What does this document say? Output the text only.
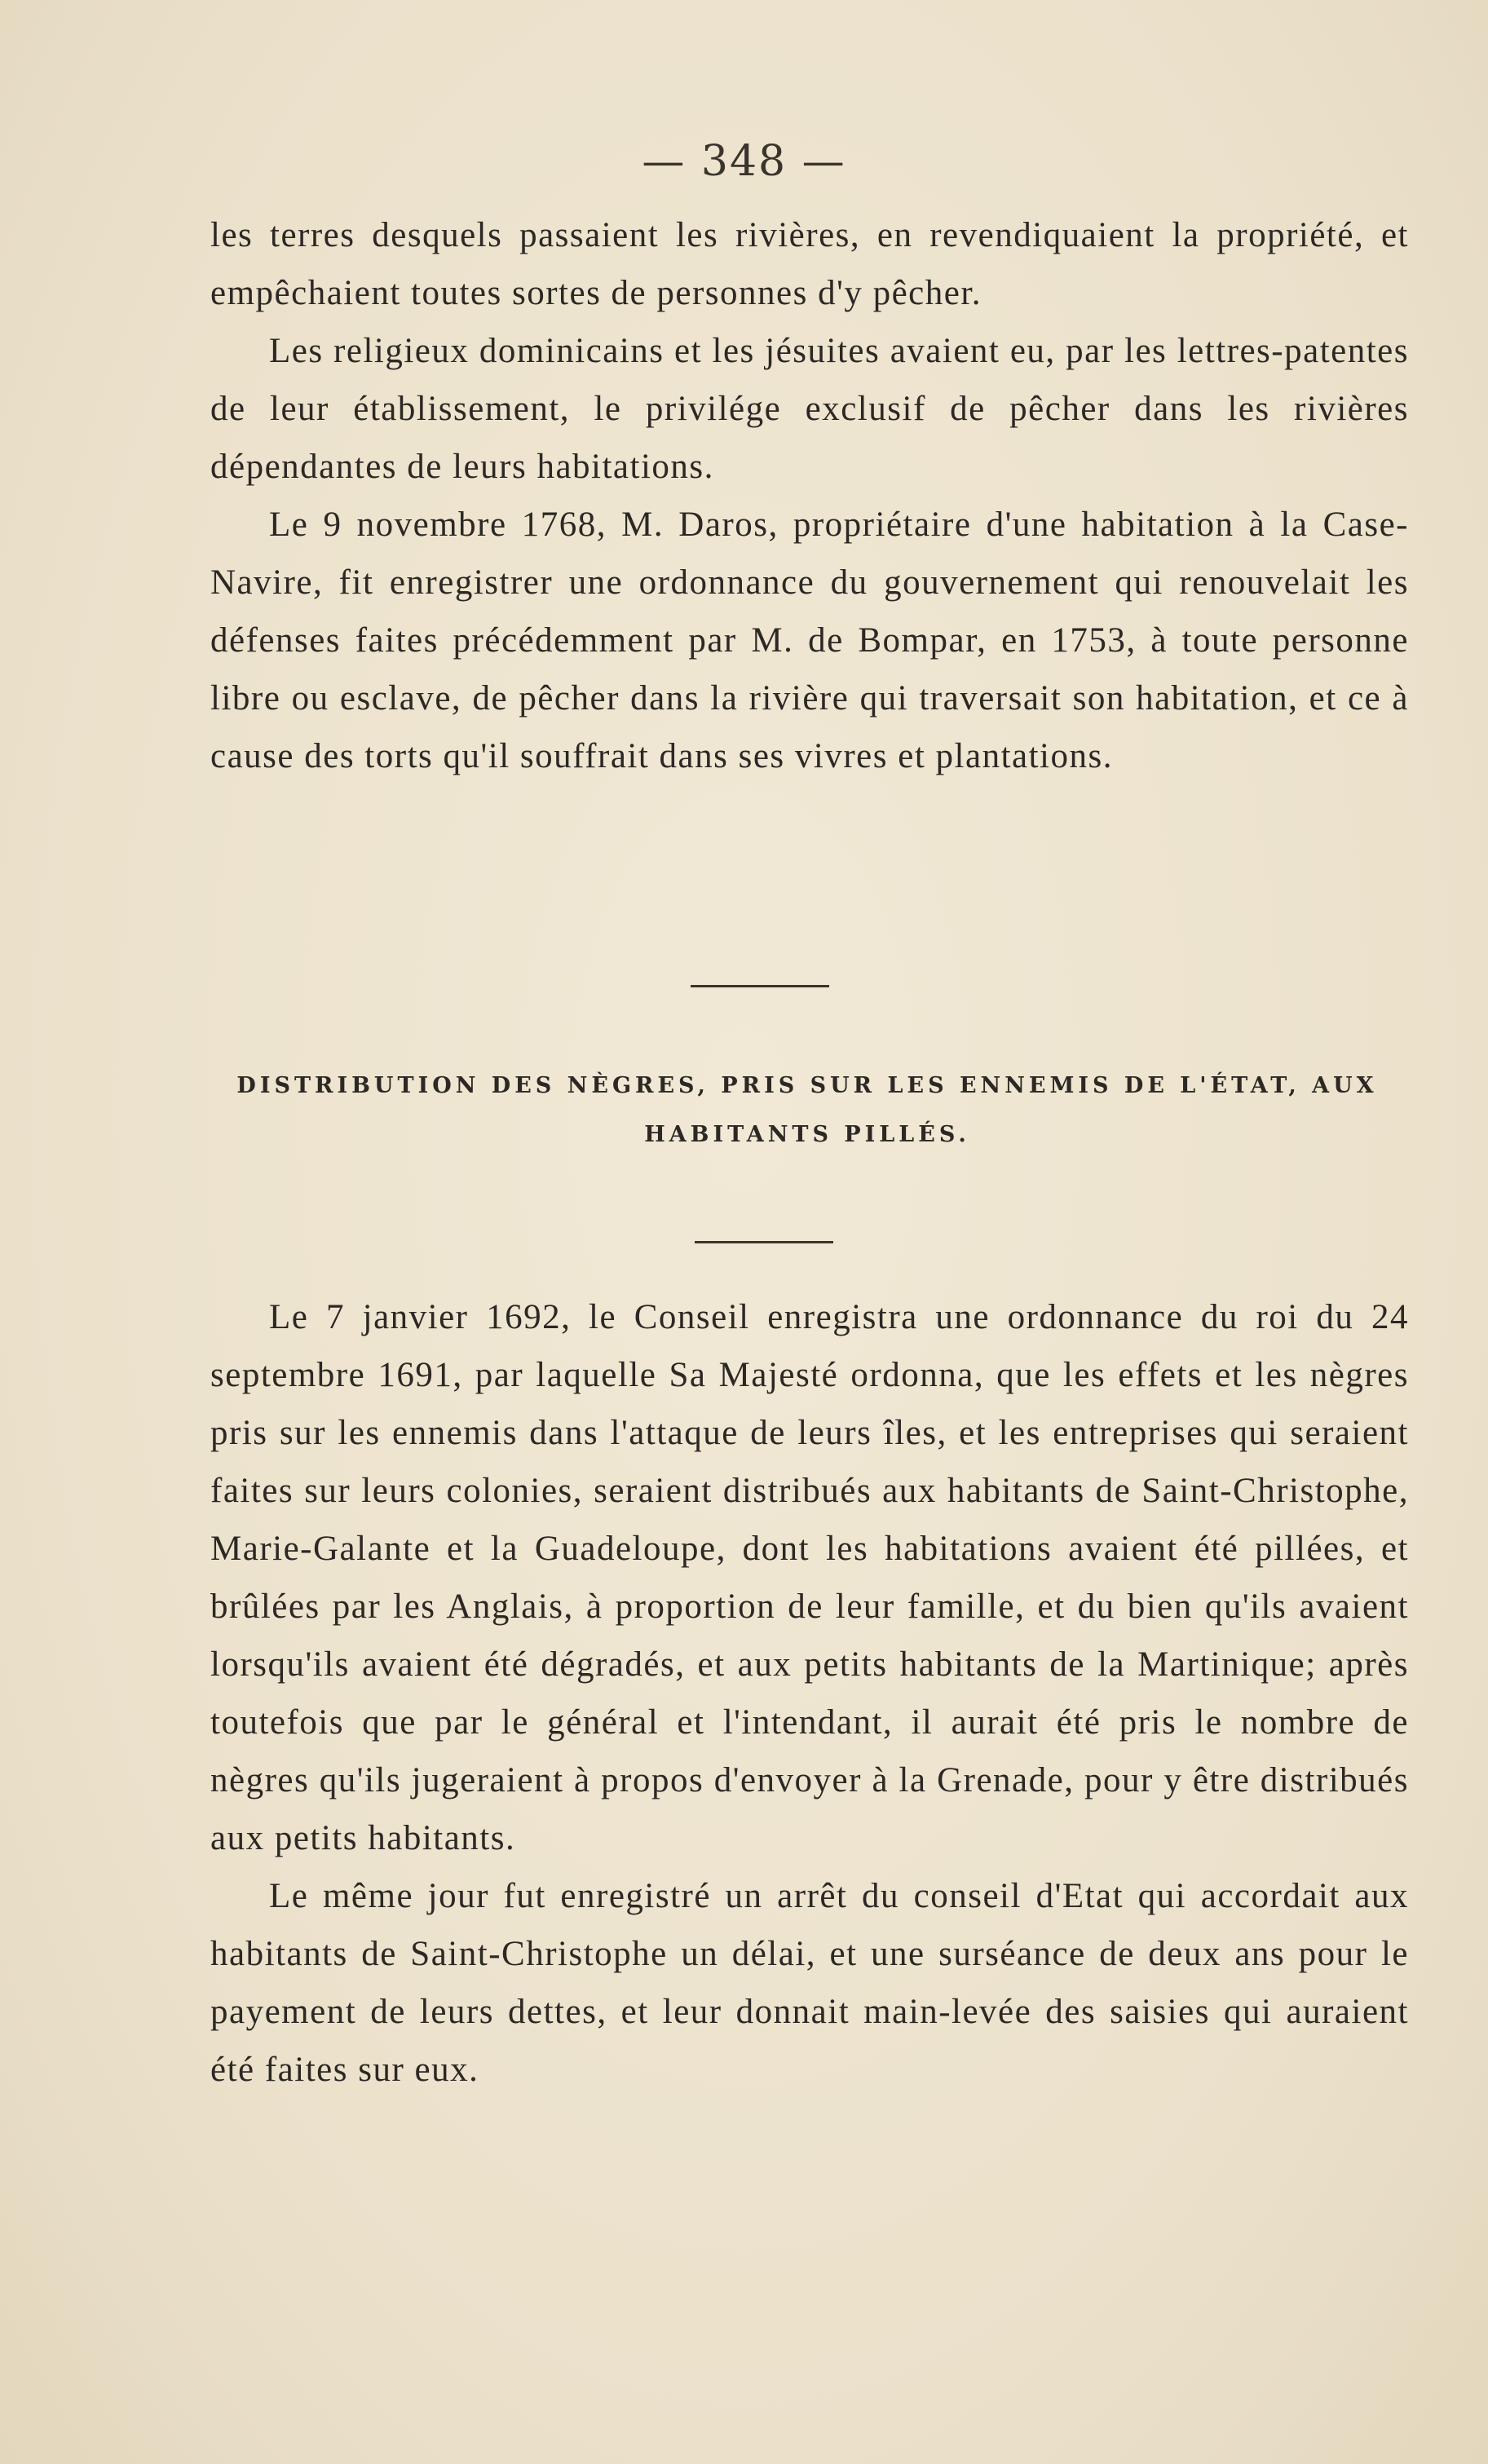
— 348 —

les terres desquels passaient les rivières, en revendiquaient la propriété, et empêchaient toutes sortes de personnes d'y pêcher.

Les religieux dominicains et les jésuites avaient eu, par les lettres-patentes de leur établissement, le privilége exclusif de pêcher dans les rivières dépendantes de leurs habitations.

Le 9 novembre 1768, M. Daros, propriétaire d'une habitation à la Case-Navire, fit enregistrer une ordonnance du gouvernement qui renouvelait les défenses faites précédemment par M. de Bompar, en 1753, à toute personne libre ou esclave, de pêcher dans la rivière qui traversait son habitation, et ce à cause des torts qu'il souffrait dans ses vivres et plantations.

DISTRIBUTION DES NÈGRES, PRIS SUR LES ENNEMIS DE L'ÉTAT, AUX HABITANTS PILLÉS.

Le 7 janvier 1692, le Conseil enregistra une ordonnance du roi du 24 septembre 1691, par laquelle Sa Majesté ordonna, que les effets et les nègres pris sur les ennemis dans l'attaque de leurs îles, et les entreprises qui seraient faites sur leurs colonies, seraient distribués aux habitants de Saint-Christophe, Marie-Galante et la Guadeloupe, dont les habitations avaient été pillées, et brûlées par les Anglais, à proportion de leur famille, et du bien qu'ils avaient lorsqu'ils avaient été dégradés, et aux petits habitants de la Martinique; après toutefois que par le général et l'intendant, il aurait été pris le nombre de nègres qu'ils jugeraient à propos d'envoyer à la Grenade, pour y être distribués aux petits habitants.

Le même jour fut enregistré un arrêt du conseil d'Etat qui accordait aux habitants de Saint-Christophe un délai, et une surséance de deux ans pour le payement de leurs dettes, et leur donnait main-levée des saisies qui auraient été faites sur eux.
